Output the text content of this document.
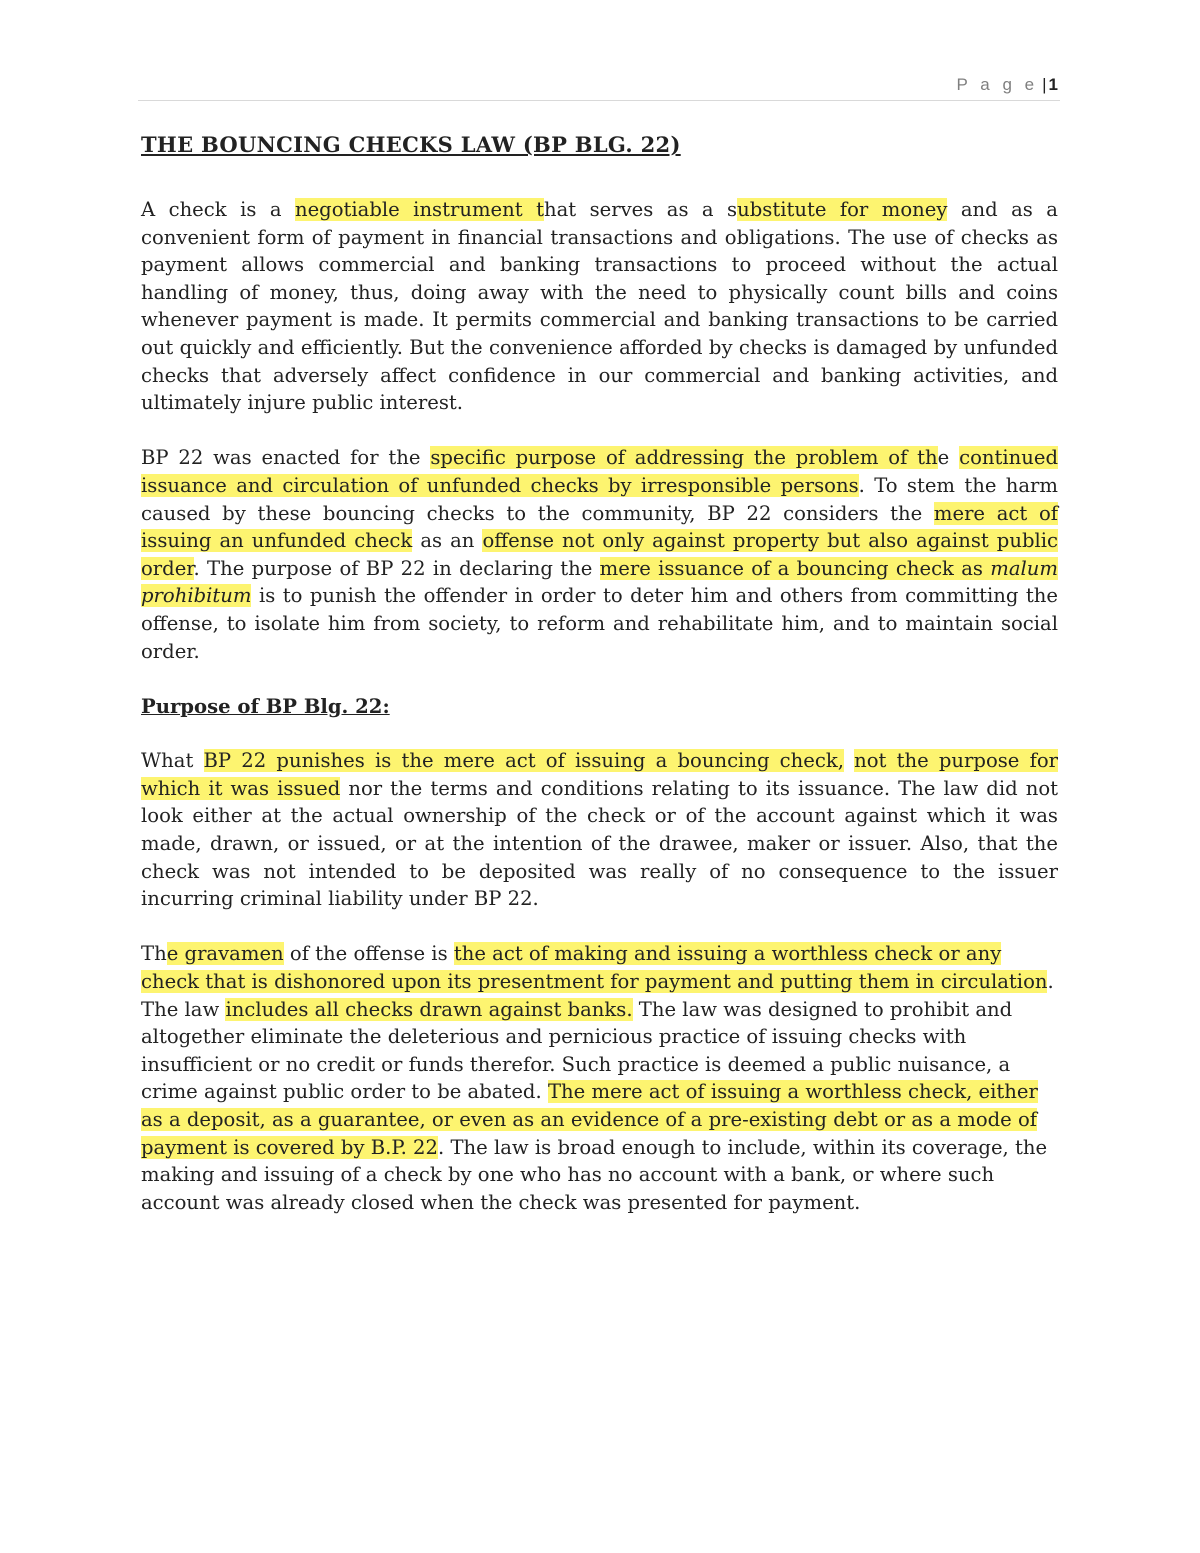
P a g e | 1
THE BOUNCING CHECKS LAW (BP BLG. 22)

A check is a negotiable instrument that serves as a substitute for money and as a convenient form of payment in financial transactions and obligations. The use of checks as payment allows commercial and banking transactions to proceed without the actual handling of money, thus, doing away with the need to physically count bills and coins whenever payment is made. It permits commercial and banking transactions to be carried out quickly and efficiently. But the convenience afforded by checks is damaged by unfunded checks that adversely affect confidence in our commercial and banking activities, and ultimately injure public interest.

BP 22 was enacted for the specific purpose of addressing the problem of the continued issuance and circulation of unfunded checks by irresponsible persons. To stem the harm caused by these bouncing checks to the community, BP 22 considers the mere act of issuing an unfunded check as an offense not only against property but also against public order. The purpose of BP 22 in declaring the mere issuance of a bouncing check as malum prohibitum is to punish the offender in order to deter him and others from committing the offense, to isolate him from society, to reform and rehabilitate him, and to maintain social order.

Purpose of BP Blg. 22:

What BP 22 punishes is the mere act of issuing a bouncing check, not the purpose for which it was issued nor the terms and conditions relating to its issuance. The law did not look either at the actual ownership of the check or of the account against which it was made, drawn, or issued, or at the intention of the drawee, maker or issuer. Also, that the check was not intended to be deposited was really of no consequence to the issuer incurring criminal liability under BP 22.

The gravamen of the offense is the act of making and issuing a worthless check or any check that is dishonored upon its presentment for payment and putting them in circulation. The law includes all checks drawn against banks. The law was designed to prohibit and altogether eliminate the deleterious and pernicious practice of issuing checks with insufficient or no credit or funds therefor. Such practice is deemed a public nuisance, a crime against public order to be abated. The mere act of issuing a worthless check, either as a deposit, as a guarantee, or even as an evidence of a pre-existing debt or as a mode of payment is covered by B.P. 22. The law is broad enough to include, within its coverage, the making and issuing of a check by one who has no account with a bank, or where such account was already closed when the check was presented for payment.
